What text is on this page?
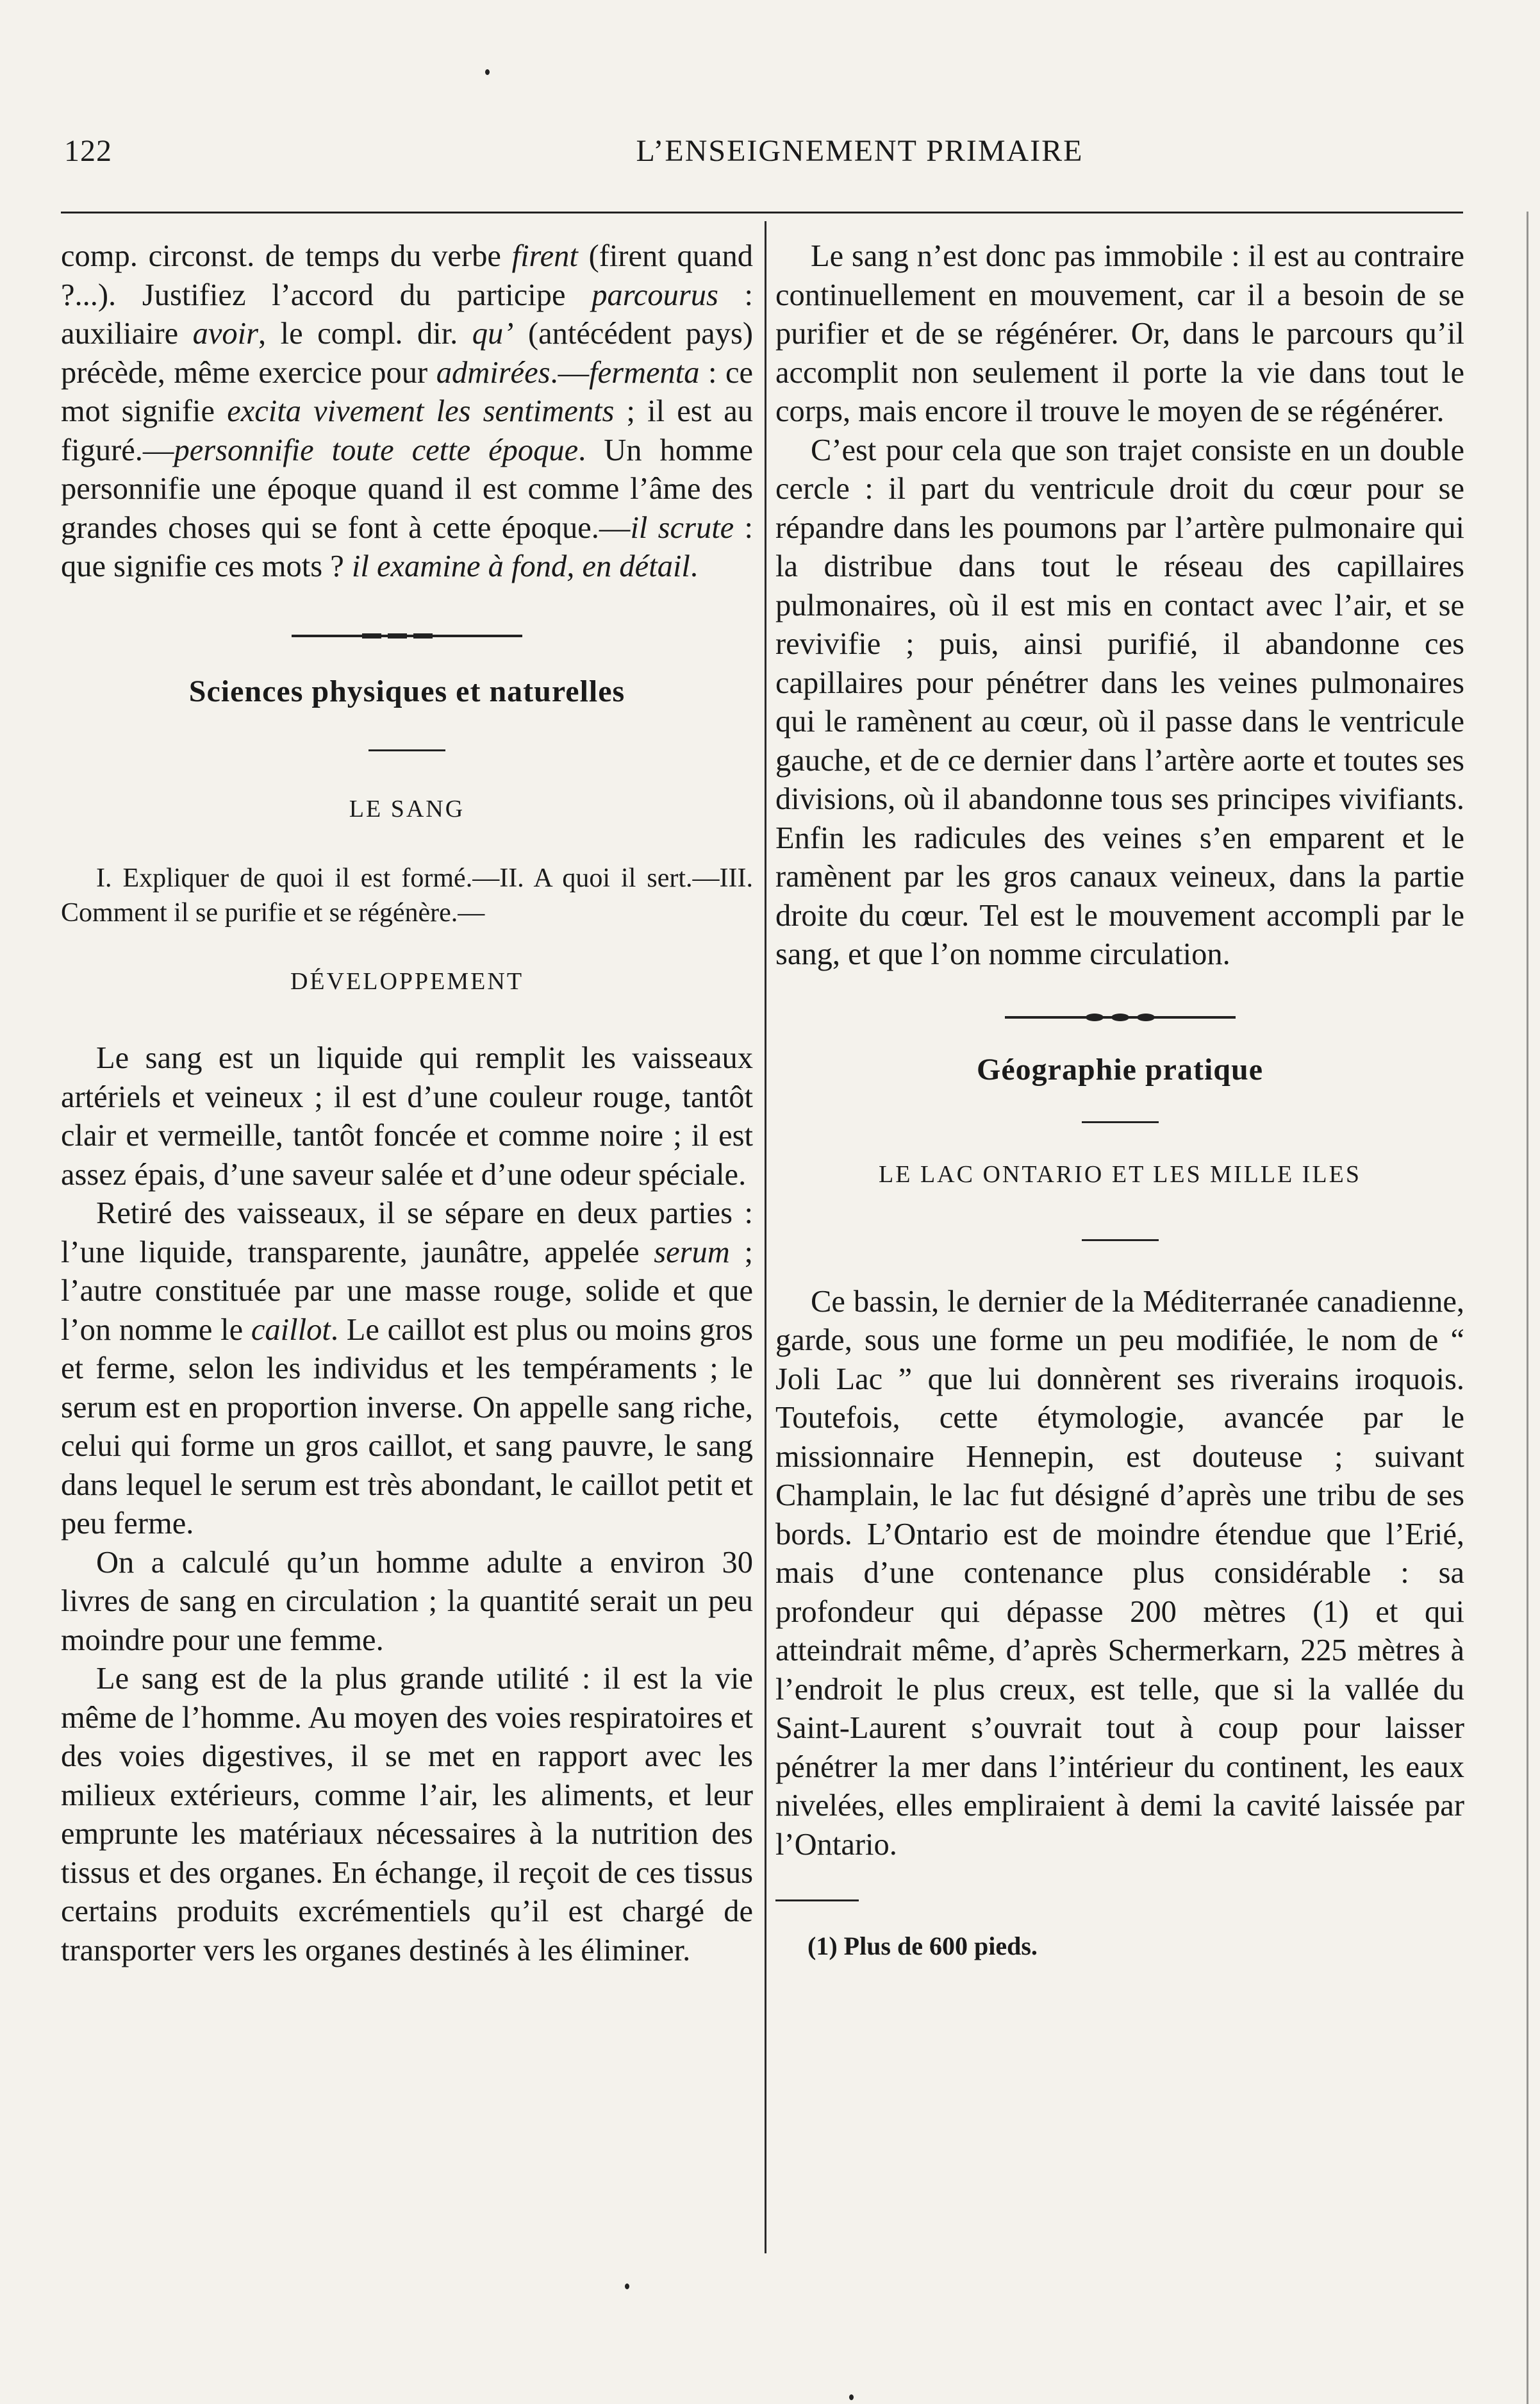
122	L’ENSEIGNEMENT PRIMAIRE

comp. circonst. de temps du verbe firent (firent quand ?...). Justifiez l’accord du participe parcourus : auxiliaire avoir, le compl. dir. qu’ (antécédent pays) précède, même exercice pour admirées.—fermenta : ce mot signifie excita vivement les sentiments ; il est au figuré.—personnifie toute cette époque. Un homme personnifie une époque quand il est comme l’âme des grandes choses qui se font à cette époque.—il scrute : que signifie ces mots ? il examine à fond, en détail.

Sciences physiques et naturelles
LE SANG

I. Expliquer de quoi il est formé.—II. A quoi il sert.—III. Comment il se purifie et se régénère.—

DÉVELOPPEMENT

Le sang est un liquide qui remplit les vaisseaux artériels et veineux ; il est d’une couleur rouge, tantôt clair et vermeille, tantôt foncée et comme noire ; il est assez épais, d’une saveur salée et d’une odeur spéciale.

Retiré des vaisseaux, il se sépare en deux parties : l’une liquide, transparente, jaunâtre, appelée serum ; l’autre constituée par une masse rouge, solide et que l’on nomme le caillot. Le caillot est plus ou moins gros et ferme, selon les individus et les tempéraments ; le serum est en proportion inverse. On appelle sang riche, celui qui forme un gros caillot, et sang pauvre, le sang dans lequel le serum est très abondant, le caillot petit et peu ferme.

On a calculé qu’un homme adulte a environ 30 livres de sang en circulation ; la quantité serait un peu moindre pour une femme.

Le sang est de la plus grande utilité : il est la vie même de l’homme. Au moyen des voies respiratoires et des voies digestives, il se met en rapport avec les milieux extérieurs, comme l’air, les aliments, et leur emprunte les matériaux nécessaires à la nutrition des tissus et des organes. En échange, il reçoit de ces tissus certains produits excrémentiels qu’il est chargé de transporter vers les organes destinés à les éliminer.

Le sang n’est donc pas immobile : il est au contraire continuellement en mouvement, car il a besoin de se purifier et de se régénérer. Or, dans le parcours qu’il accomplit non seulement il porte la vie dans tout le corps, mais encore il trouve le moyen de se régénérer.

C’est pour cela que son trajet consiste en un double cercle : il part du ventricule droit du cœur pour se répandre dans les poumons par l’artère pulmonaire qui la distribue dans tout le réseau des capillaires pulmonaires, où il est mis en contact avec l’air, et se revivifie ; puis, ainsi purifié, il abandonne ces capillaires pour pénétrer dans les veines pulmonaires qui le ramènent au cœur, où il passe dans le ventricule gauche, et de ce dernier dans l’artère aorte et toutes ses divisions, où il abandonne tous ses principes vivifiants. Enfin les radicules des veines s’en emparent et le ramènent par les gros canaux veineux, dans la partie droite du cœur. Tel est le mouvement accompli par le sang, et que l’on nomme circulation.

Géographie pratique
LE LAC ONTARIO ET LES MILLE ILES

Ce bassin, le dernier de la Méditerranée canadienne, garde, sous une forme un peu modifiée, le nom de “ Joli Lac ” que lui donnèrent ses riverains iroquois. Toutefois, cette étymologie, avancée par le missionnaire Hennepin, est douteuse ; suivant Champlain, le lac fut désigné d’après une tribu de ses bords. L’Ontario est de moindre étendue que l’Erié, mais d’une contenance plus considérable : sa profondeur qui dépasse 200 mètres (1) et qui atteindrait même, d’après Schermerkarn, 225 mètres à l’endroit le plus creux, est telle, que si la vallée du Saint-Laurent s’ouvrait tout à coup pour laisser pénétrer la mer dans l’intérieur du continent, les eaux nivelées, elles empliraient à demi la cavité laissée par l’Ontario.

(1) Plus de 600 pieds.
